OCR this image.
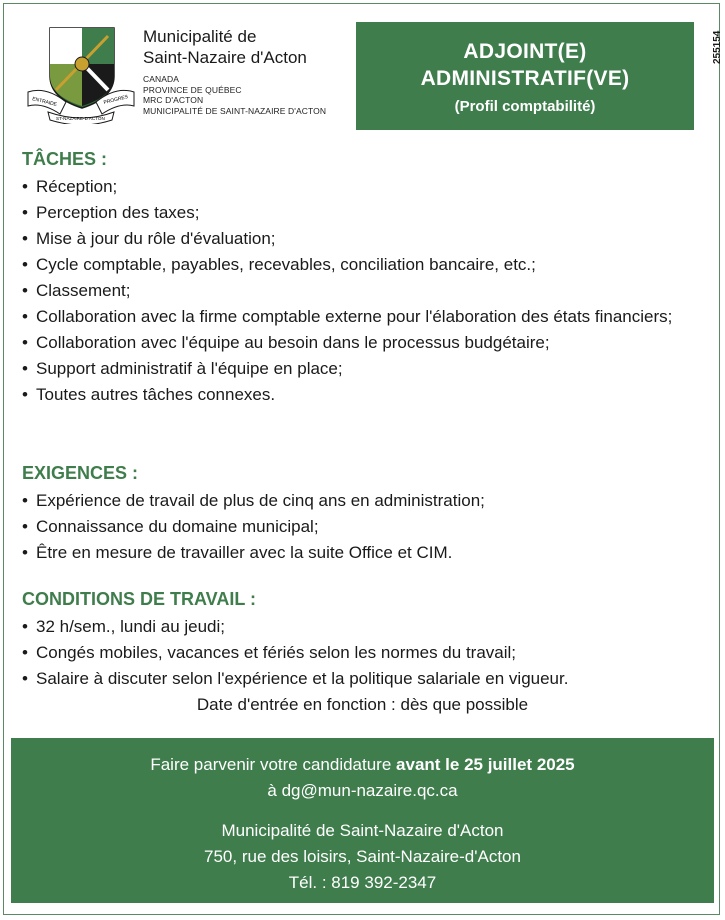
ENTRAIDE	PROGRES
ST-NAZAIRE-D'ACTON
Municipalité de
Saint-Nazaire d'Acton
CANADA
PROVINCE DE QUÉBEC
MRC D'ACTON
MUNICIPALITÉ DE SAINT-NAZAIRE D'ACTON
ADJOINT(E)
ADMINISTRATIF(VE)
(Profil comptabilité)
255154
TÂCHES :
• Réception;
• Perception des taxes;
• Mise à jour du rôle d'évaluation;
• Cycle comptable, payables, recevables, conciliation bancaire, etc.;
• Classement;
• Collaboration avec la firme comptable externe pour l'élaboration des états financiers;
• Collaboration avec l'équipe au besoin dans le processus budgétaire;
• Support administratif à l'équipe en place;
• Toutes autres tâches connexes.
EXIGENCES :
• Expérience de travail de plus de cinq ans en administration;
• Connaissance du domaine municipal;
• Être en mesure de travailler avec la suite Office et CIM.
CONDITIONS DE TRAVAIL :
• 32 h/sem., lundi au jeudi;
• Congés mobiles, vacances et fériés selon les normes du travail;
• Salaire à discuter selon l'expérience et la politique salariale en vigueur.
Date d'entrée en fonction : dès que possible
Faire parvenir votre candidature avant le 25 juillet 2025
à dg@mun-nazaire.qc.ca
Municipalité de Saint-Nazaire d'Acton
750, rue des loisirs, Saint-Nazaire-d'Acton
Tél. : 819 392-2347
